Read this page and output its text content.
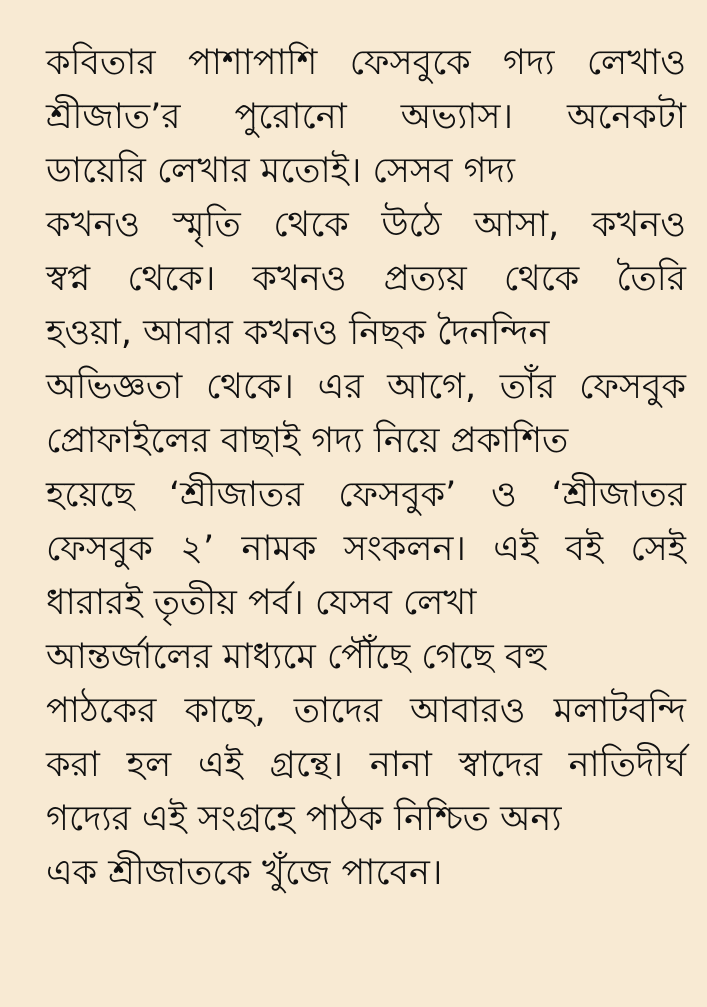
কবিতার পাশাপাশি ফেসবুকে গদ্য লেখাও
শ্রীজাত’র পুরোনো অভ্যাস। অনেকটা
ডায়েরি লেখার মতোই। সেসব গদ্য
কখনও স্মৃতি থেকে উঠে আসা, কখনও
স্বপ্ন থেকে। কখনও প্রত্যয় থেকে তৈরি
হওয়া, আবার কখনও নিছক দৈনন্দিন
অভিজ্ঞতা থেকে। এর আগে, তাঁর ফেসবুক
প্রোফাইলের বাছাই গদ্য নিয়ে প্রকাশিত
হয়েছে ‘শ্রীজাতর ফেসবুক’ ও ‘শ্রীজাতর
ফেসবুক ২’ নামক সংকলন। এই বই সেই
ধারারই তৃতীয় পর্ব। যেসব লেখা
আন্তর্জালের মাধ্যমে পৌঁছে গেছে বহু
পাঠকের কাছে, তাদের আবারও মলাটবন্দি
করা হল এই গ্রন্থে। নানা স্বাদের নাতিদীর্ঘ
গদ্যের এই সংগ্রহে পাঠক নিশ্চিত অন্য
এক শ্রীজাতকে খুঁজে পাবেন।
